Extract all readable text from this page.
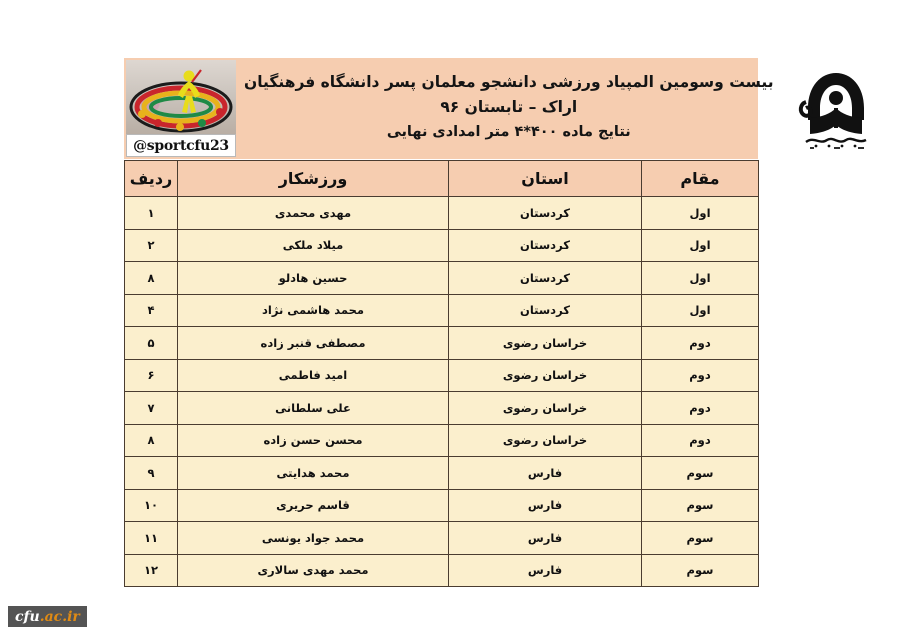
@sportcfu23
بیست وسومین المپیاد ورزشی دانشجو معلمان پسر دانشگاه فرهنگیان
اراک – تابستان ۹۶
نتایج ماده ۴۰۰*۴ متر امدادی نهایی
مقام	استان	ورزشکار	ردیف
اول	کردستان	مهدی محمدی	۱
اول	کردستان	میلاد ملکی	۲
اول	کردستان	حسین هادلو	۸
اول	کردستان	محمد هاشمی نژاد	۴
دوم	خراسان رضوی	مصطفی قنبر زاده	۵
دوم	خراسان رضوی	امید فاطمی	۶
دوم	خراسان رضوی	علی سلطانی	۷
دوم	خراسان رضوی	محسن حسن زاده	۸
سوم	فارس	محمد هدایتی	۹
سوم	فارس	قاسم حریری	۱۰
سوم	فارس	محمد جواد یونسی	۱۱
سوم	فارس	محمد مهدی سالاری	۱۲
cfu .ac.ir
